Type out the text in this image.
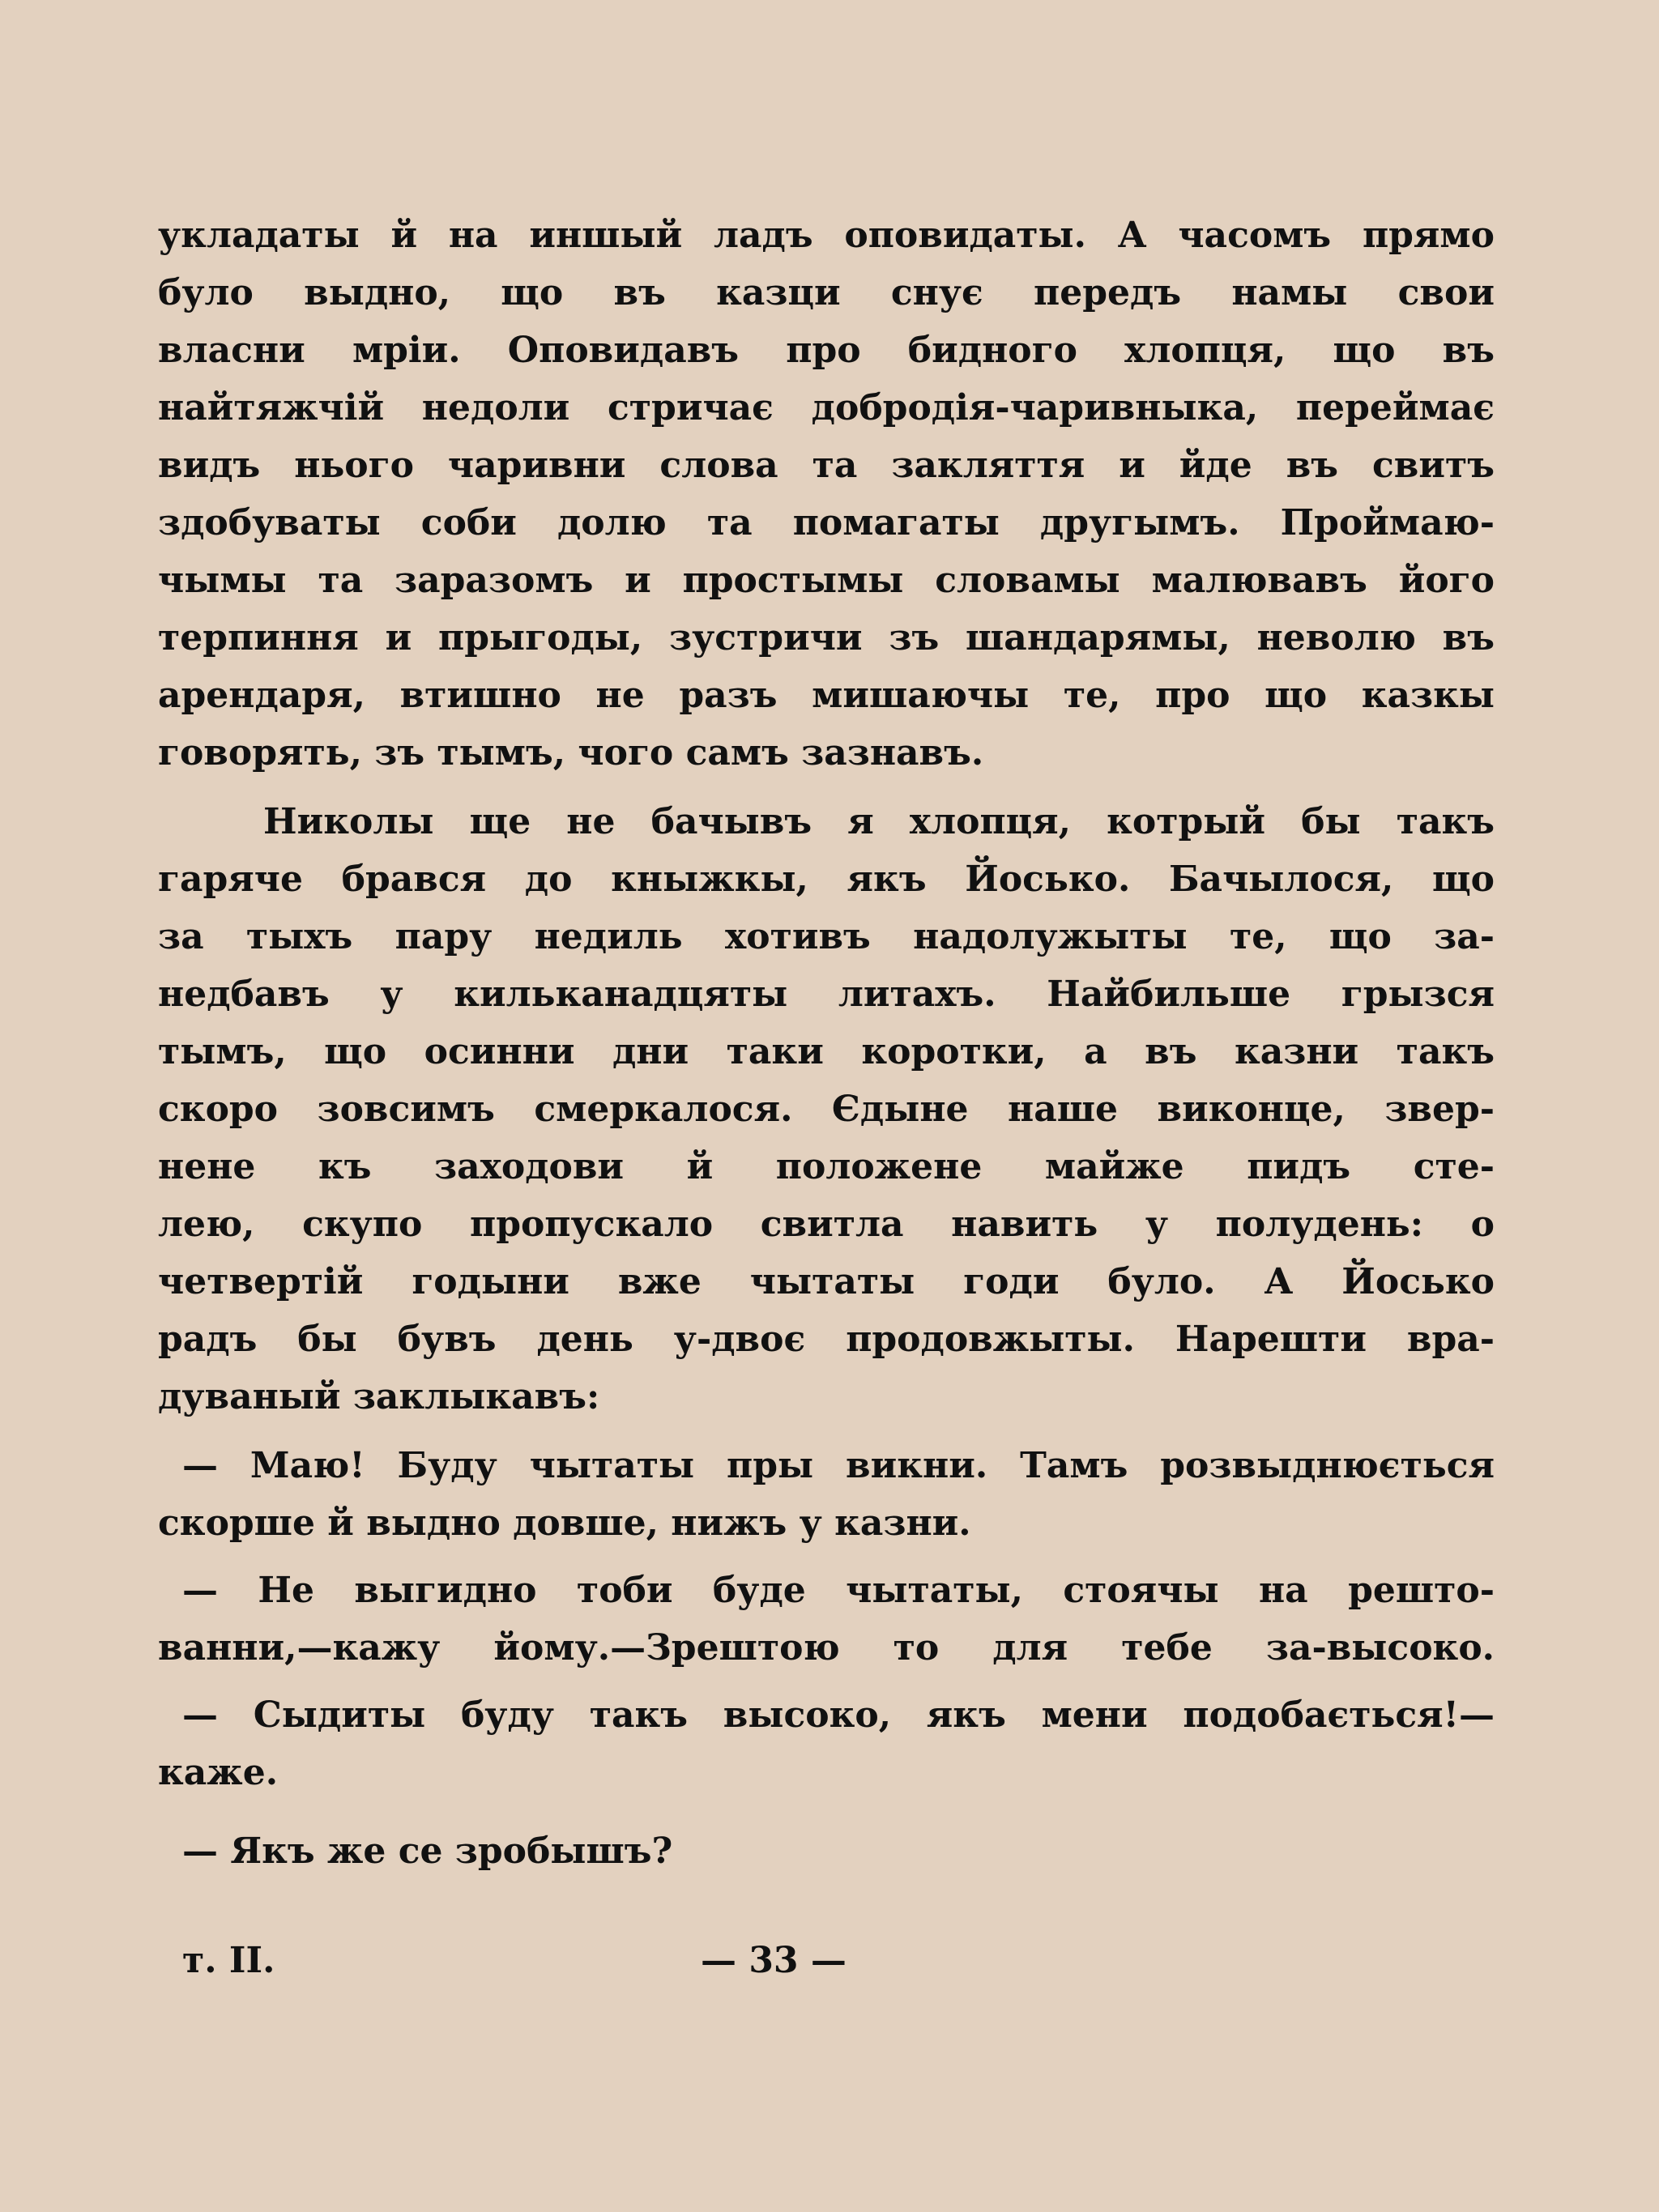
укладаты й на иншый ладъ оповидаты. А часомъ прямо
було выдно, що въ казци снує передъ намы свои
власни мріи. Оповидавъ про бидного хлопця, що въ
найтяжчій недоли стричає добродія-чаривныка, переймає
видъ нього чаривни слова та закляття и йде въ свитъ
здобуваты соби долю та помагаты другымъ. Проймаю-
чымы та заразомъ и простымы словамы малювавъ його
терпиння и прыгоды, зустричи зъ шандарямы, неволю въ
арендаря, втишно не разъ мишаючы те, про що казкы
говорять, зъ тымъ, чого самъ зазнавъ.
Николы ще не бачывъ я хлопця, котрый бы такъ
гаряче брався до кныжкы, якъ Йосько. Бачылося, що
за тыхъ пару недиль хотивъ надолужыты те, що за-
недбавъ у кильканадцяты литахъ. Найбильше грызся
тымъ, що осинни дни таки коротки, а въ казни такъ
скоро зовсимъ смеркалося. Єдыне наше виконце, звер-
нене къ заходови й положене майже пидъ сте-
лею, скупо пропускало свитла навить у полудень: о
четвертій годыни вже чытаты годи було. А Йосько
радъ бы бувъ день у-двоє продовжыты. Нарешти вра-
дуваный заклыкавъ:
— Маю! Буду чытаты пры викни. Тамъ розвыднюється
скорше й выдно довше, нижъ у казни.
— Не выгидно тоби буде чытаты, стоячы на решто-
ванни,—кажу йому.—Зрештою то для тебе за-высоко.
— Сыдиты буду такъ высоко, якъ мени подобається!—
каже.
— Якъ же се зробышъ?
т. II.	— 33 —
